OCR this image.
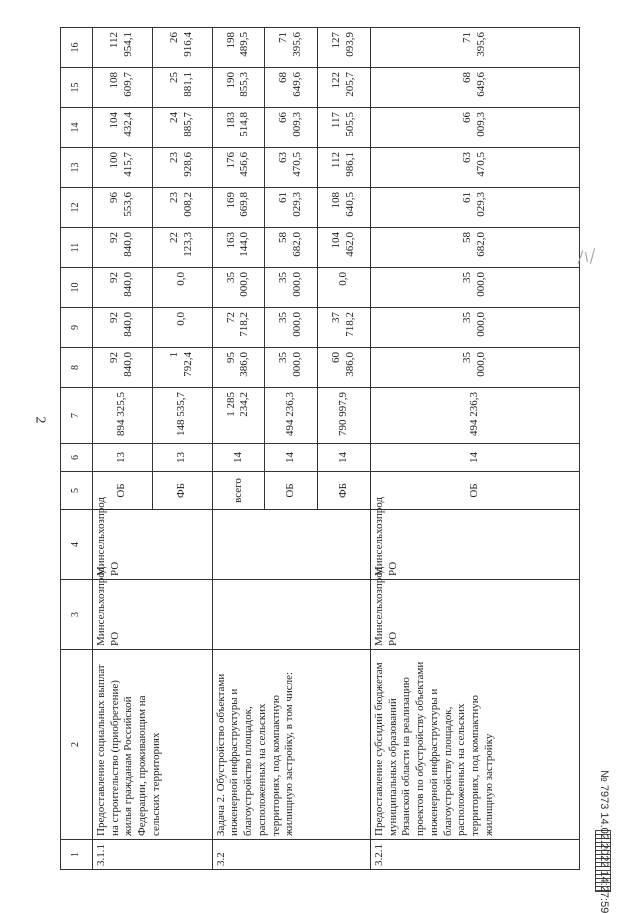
2
1	2	3	4	5	6	7	8	9	10	11	12	13	14	15	16
3.1.1	Предоставление социальных выплат на строительство (приобретение) жилья гражданам Российской Федерации, проживающим на сельских территориях	Минсельхозпрод РО	Минсельхозпрод РО	ОБ	13	894 325,5	92 840,0	92 840,0	92 840,0	92 840,0	96 553,6	100 415,7	104 432,4	108 609,7	112 954,1
				ФБ	13	148 535,7	1 792,4	0,0	0,0	22 123,3	23 008,2	23 928,6	24 885,7	25 881,1	26 916,4
3.2	Задача 2. Обустройство объектами инженерной инфраструктуры и благоустройство площадок, расположенных на сельских территориях, под компактную жилищную застройку, в том числе:			всего	14	1 285 234,2	95 386,0	72 718,2	35 000,0	163 144,0	169 669,8	176 456,6	183 514,8	190 855,3	198 489,5
				ОБ	14	494 236,3	35 000,0	35 000,0	35 000,0	58 682,0	61 029,3	63 470,5	66 009,3	68 649,6	71 395,6
				ФБ	14	790 997,9	60 386,0	37 718,2	0,0	104 462,0	108 640,5	112 986,1	117 505,5	122 205,7	127 093,9
3.2.1	Предоставление субсидий бюджетам муниципальных образований Рязанской области на реализацию проектов по обустройству объектами инженерной инфраструктуры и благоустройству площадок, расположенных на сельских территориях, под компактную жилищную застройку	Минсельхозпрод РО	Минсельхозпрод РО	ОБ	14	494 236,3	35 000,0	35 000,0	35 000,0	58 682,0	61 029,3	63 470,5	66 009,3	68 649,6	71 395,6
№ 7973 14.02.2022 14:27:59
